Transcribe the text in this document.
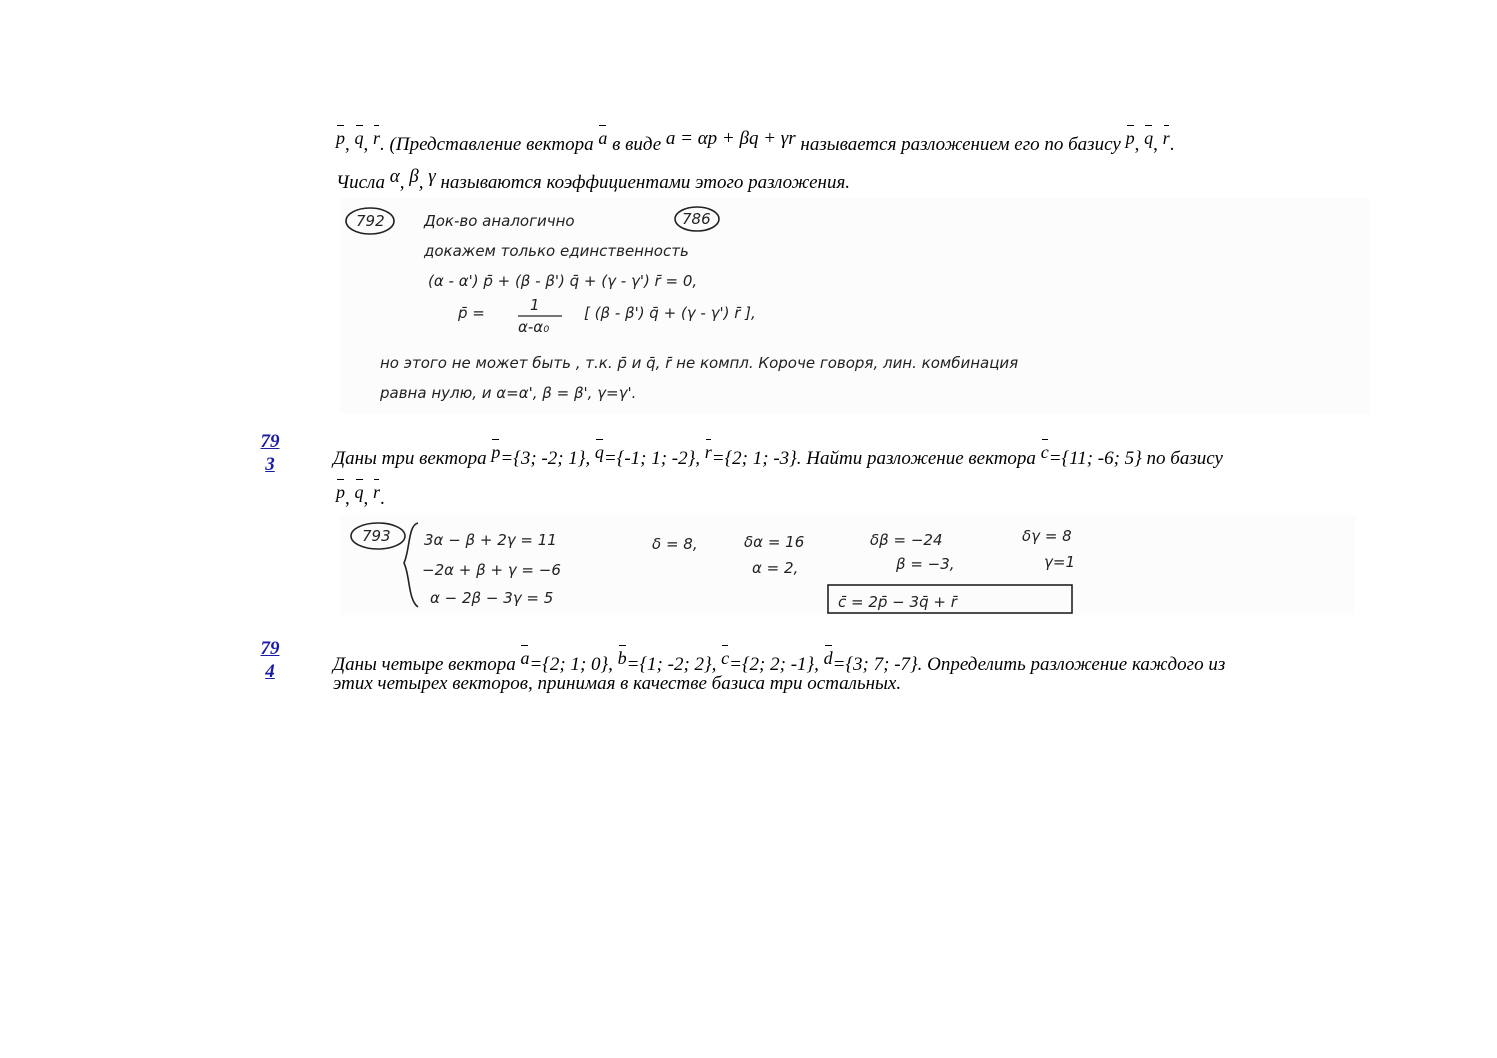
p, q, r. (Представление вектора a в виде a = αp + βq + γr называется разложением его по базису p, q, r.
Числа α, β, γ называются коэффициентами этого разложения.
792	Док-во аналогично	786
докажем только единственность
(α - α') p̄ + (β - β') q̄ + (γ - γ') r̄ = 0,
p̄ =	1
α-α₀
[ (β - β') q̄ + (γ - γ') r̄ ],
но этого не может быть , т.к. p̄ и q̄, r̄ не компл. Короче говоря, лин. комбинация
равна нулю, и α=α', β = β', γ=γ'.
79
3	Даны три вектора p={3; -2; 1}, q={-1; 1; -2}, r={2; 1; -3}. Найти разложение вектора c={11; -6; 5} по базису
p, q, r.
793 3α − β + 2γ = 11
−2α + β + γ = −6
α − 2β − 3γ = 5
δ = 8,	δα = 16
α = 2,
δβ = −24
β = −3,
δγ = 8
γ=1
c̄ = 2p̄ − 3q̄ + r̄
79
4	Даны четыре вектора a={2; 1; 0}, b={1; -2; 2}, c={2; 2; -1}, d={3; 7; -7}. Определить разложение каждого из
этих четырех векторов, принимая в качестве базиса три остальных.
